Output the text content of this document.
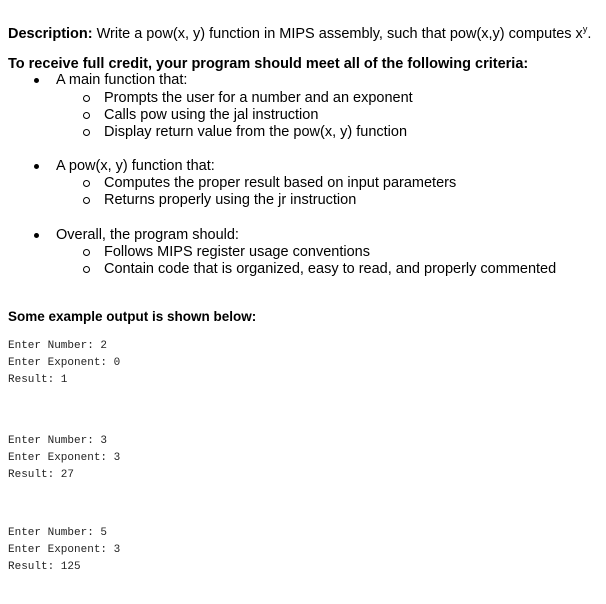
Description: Write a pow(x, y) function in MIPS assembly, such that pow(x,y) computes $x^y$.
To receive full credit, your program should meet all of the following criteria:
A main function that:
Prompts the user for a number and an exponent
Calls pow using the jal instruction
Display return value from the pow(x, y) function
A pow(x, y) function that:
Computes the proper result based on input parameters
Returns properly using the jr instruction
Overall, the program should:
Follows MIPS register usage conventions
Contain code that is organized, easy to read, and properly commented
Some example output is shown below:
Enter Number: 2
Enter Exponent: 0
Result: 1
Enter Number: 3
Enter Exponent: 3
Result: 27
Enter Number: 5
Enter Exponent: 3
Result: 125
